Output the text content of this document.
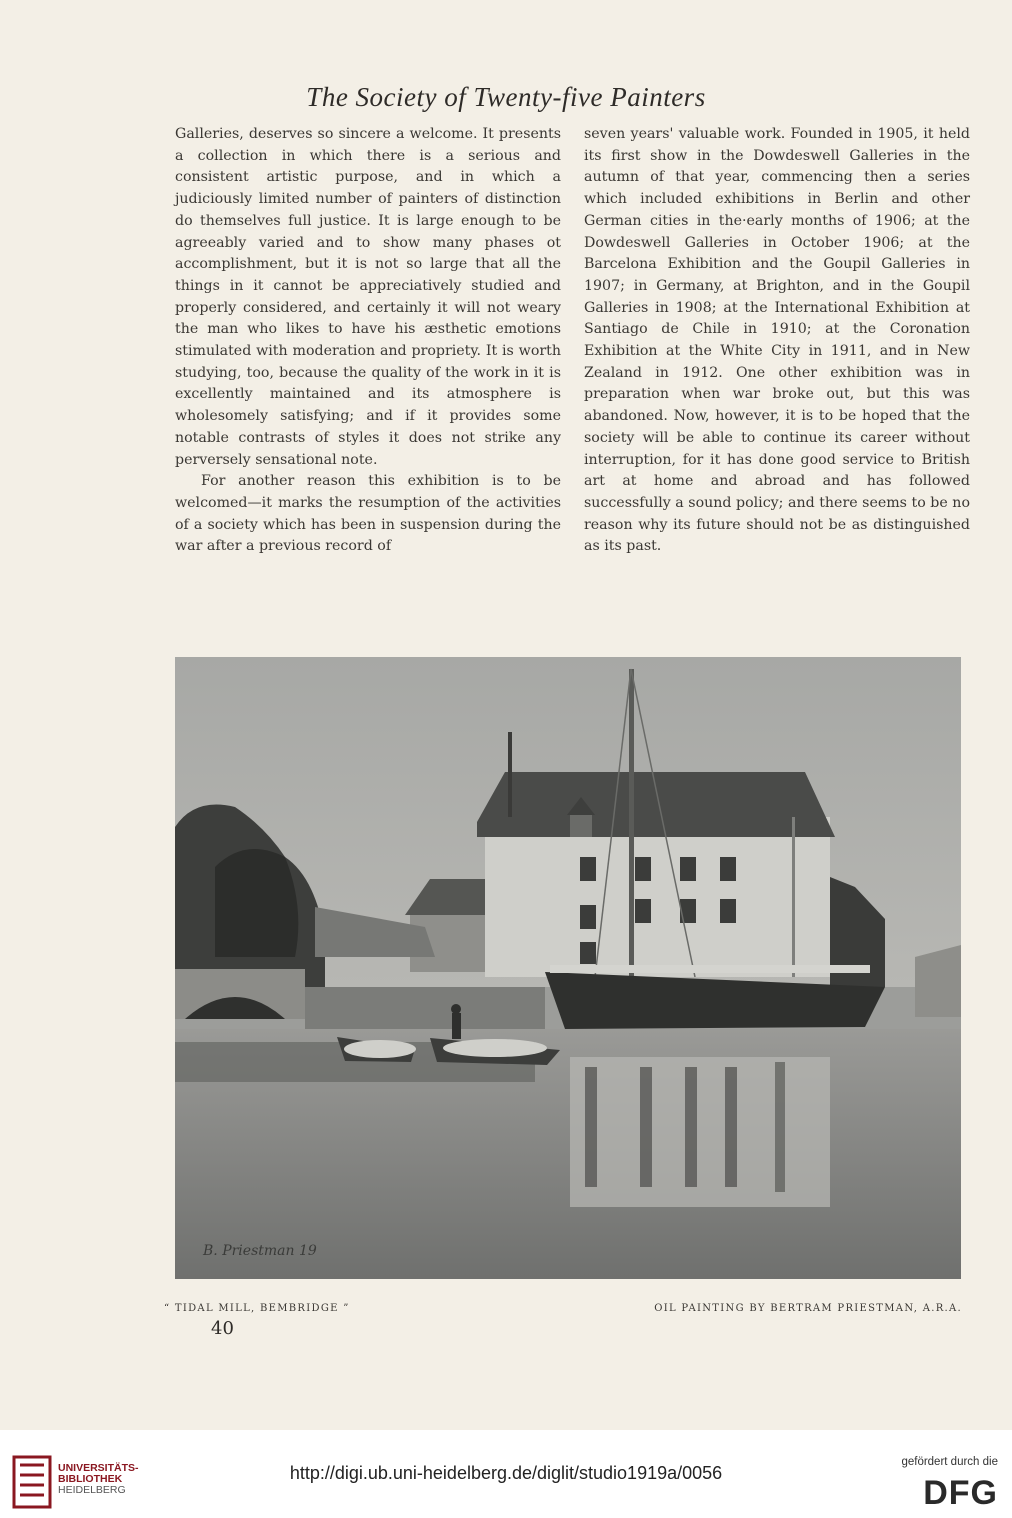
The Society of Twenty-five Painters

Galleries, deserves so sincere a welcome. It presents a collection in which there is a serious and consistent artistic purpose, and in which a judiciously limited number of painters of distinction do themselves full justice. It is large enough to be agreeably varied and to show many phases ot accomplishment, but it is not so large that all the things in it cannot be appreciatively studied and properly considered, and certainly it will not weary the man who likes to have his æsthetic emotions stimulated with moderation and propriety. It is worth studying, too, because the quality of the work in it is excellently maintained and its atmosphere is wholesomely satisfying; and if it provides some notable contrasts of styles it does not strike any perversely sensational note.

For another reason this exhibition is to be welcomed—it marks the resumption of the activities of a society which has been in suspension during the war after a previous record of

seven years' valuable work. Founded in 1905, it held its first show in the Dowdeswell Galleries in the autumn of that year, commencing then a series which included exhibitions in Berlin and other German cities in the·early months of 1906; at the Dowdeswell Galleries in October 1906; at the Barcelona Exhibition and the Goupil Galleries in 1907; in Germany, at Brighton, and in the Goupil Galleries in 1908; at the International Exhibition at Santiago de Chile in 1910; at the Coronation Exhibition at the White City in 1911, and in New Zealand in 1912. One other exhibition was in preparation when war broke out, but this was abandoned. Now, however, it is to be hoped that the society will be able to continue its career without interruption, for it has done good service to British art at home and abroad and has followed successfully a sound policy; and there seems to be no reason why its future should not be as distinguished as its past.

B. Priestman 19
“ TIDAL MILL, BEMBRIDGE ”	OIL PAINTING BY BERTRAM PRIESTMAN, A.R.A.
40
UNIVERSITÄTS-
BIBLIOTHEK
HEIDELBERG
http://digi.ub.uni-heidelberg.de/diglit/studio1919a/0056
gefördert durch die
DFG
